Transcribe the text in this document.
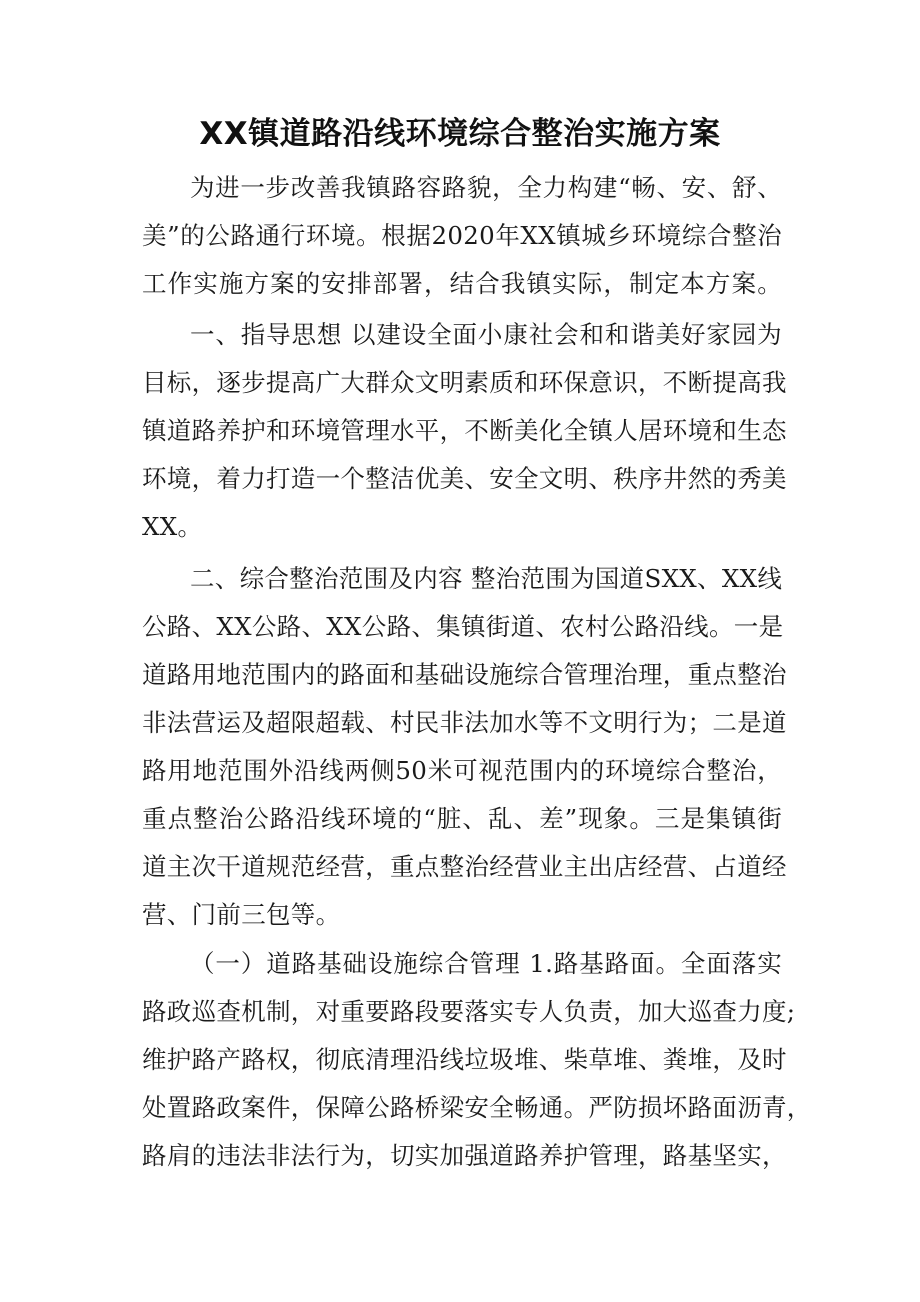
XX镇道路沿线环境综合整治实施方案
为进一步改善我镇路容路貌，全力构建“畅、安、舒、
美”的公路通行环境。根据2020年XX镇城乡环境综合整治
工作实施方案的安排部署，结合我镇实际，制定本方案。
一、指导思想 以建设全面小康社会和和谐美好家园为
目标，逐步提高广大群众文明素质和环保意识，不断提高我
镇道路养护和环境管理水平，不断美化全镇人居环境和生态
环境，着力打造一个整洁优美、安全文明、秩序井然的秀美
XX。
二、综合整治范围及内容 整治范围为国道SXX、XX线
公路、XX公路、XX公路、集镇街道、农村公路沿线。一是
道路用地范围内的路面和基础设施综合管理治理，重点整治
非法营运及超限超载、村民非法加水等不文明行为；二是道
路用地范围外沿线两侧50米可视范围内的环境综合整治，
重点整治公路沿线环境的“脏、乱、差”现象。三是集镇街
道主次干道规范经营，重点整治经营业主出店经营、占道经
营、门前三包等。
（一）道路基础设施综合管理 1.路基路面。全面落实
路政巡查机制，对重要路段要落实专人负责，加大巡查力度;
维护路产路权，彻底清理沿线垃圾堆、柴草堆、粪堆，及时
处置路政案件，保障公路桥梁安全畅通。严防损坏路面沥青，
路肩的违法非法行为，切实加强道路养护管理，路基坚实，
